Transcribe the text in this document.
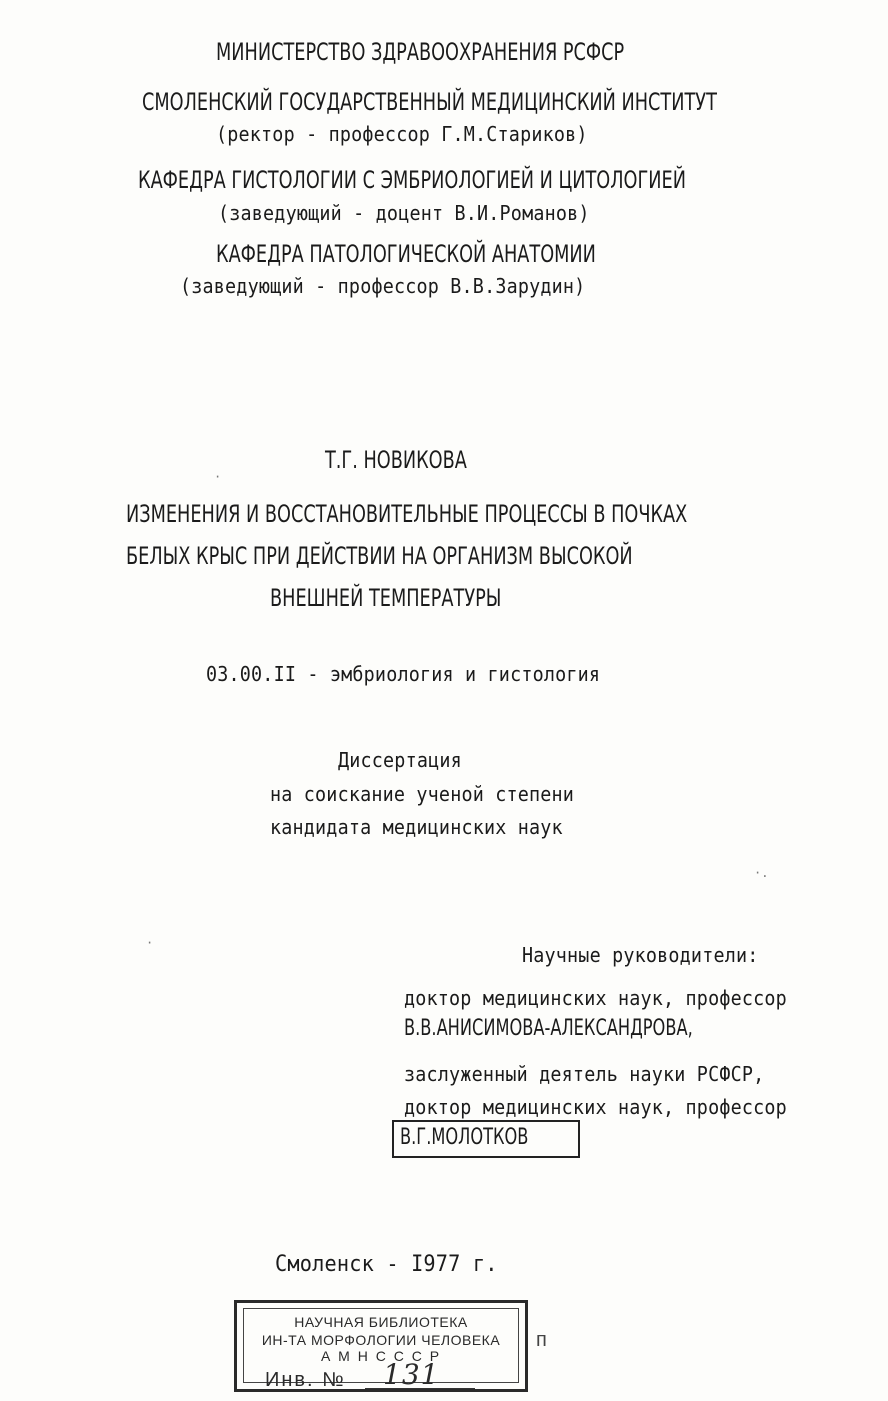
МИНИСТЕРСТВО ЗДРАВООХРАНЕНИЯ РСФСР
СМОЛЕНСКИЙ ГОСУДАРСТВЕННЫЙ МЕДИЦИНСКИЙ ИНСТИТУТ
(ректор - профессор Г.М.Стариков)
КАФЕДРА ГИСТОЛОГИИ С ЭМБРИОЛОГИЕЙ И ЦИТОЛОГИЕЙ
(заведующий - доцент В.И.Романов)
КАФЕДРА ПАТОЛОГИЧЕСКОЙ АНАТОМИИ
(заведующий - профессор В.В.Зарудин)
Т.Г. НОВИКОВА
ИЗМЕНЕНИЯ И ВОССТАНОВИТЕЛЬНЫЕ ПРОЦЕССЫ В ПОЧКАХ
БЕЛЫХ КРЫС ПРИ ДЕЙСТВИИ НА ОРГАНИЗМ ВЫСОКОЙ
ВНЕШНЕЙ ТЕМПЕРАТУРЫ
03.00.II - эмбриология и гистология
Диссертация
на соискание ученой степени
кандидата медицинских наук
Научные руководители:
доктор медицинских наук, профессор
В.В.АНИСИМОВА-АЛЕКСАНДРОВА,
заслуженный деятель науки РСФСР,
доктор медицинских наук, профессор
В.Г.МОЛОТКОВ
Смоленск - I977 г.
НАУЧНАЯ БИБЛИОТЕКА
ИН-ТА МОРФОЛОГИИ ЧЕЛОВЕКА
А М Н С С С Р
Инв. № 131
п
·
·.
·
